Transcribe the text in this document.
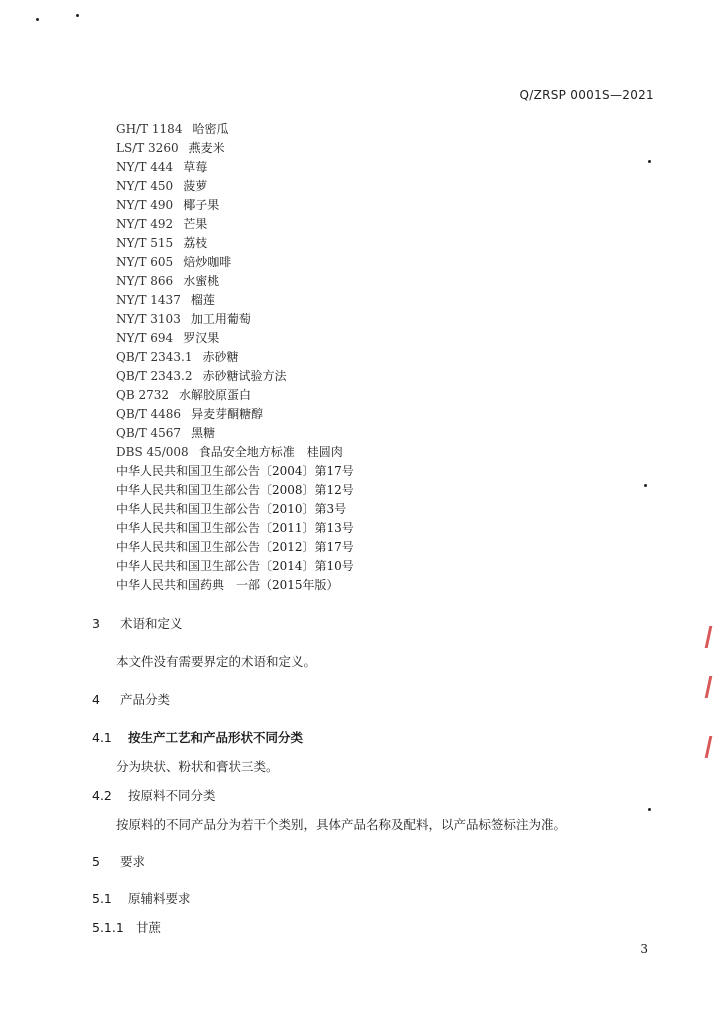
Q/ZRSP 0001S—2021
GH/T 1184 哈密瓜
LS/T 3260 燕麦米
NY/T 444 草莓
NY/T 450 菠萝
NY/T 490 椰子果
NY/T 492 芒果
NY/T 515 荔枝
NY/T 605 焙炒咖啡
NY/T 866 水蜜桃
NY/T 1437 榴莲
NY/T 3103 加工用葡萄
NY/T 694 罗汉果
QB/T 2343.1 赤砂糖
QB/T 2343.2 赤砂糖试验方法
QB 2732 水解胶原蛋白
QB/T 4486 异麦芽酮糖醇
QB/T 4567 黑糖
DBS 45/008 食品安全地方标准　桂圆肉
中华人民共和国卫生部公告〔2004〕第17号
中华人民共和国卫生部公告〔2008〕第12号
中华人民共和国卫生部公告〔2010〕第3号
中华人民共和国卫生部公告〔2011〕第13号
中华人民共和国卫生部公告〔2012〕第17号
中华人民共和国卫生部公告〔2014〕第10号
中华人民共和国药典　一部（2015年版）
3 术语和定义
本文件没有需要界定的术语和定义。
4 产品分类
4.1 按生产工艺和产品形状不同分类
分为块状、粉状和膏状三类。
4.2 按原料不同分类
按原料的不同产品分为若干个类别，具体产品名称及配料，以产品标签标注为准。
5 要求
5.1 原辅料要求
5.1.1 甘蔗
3
